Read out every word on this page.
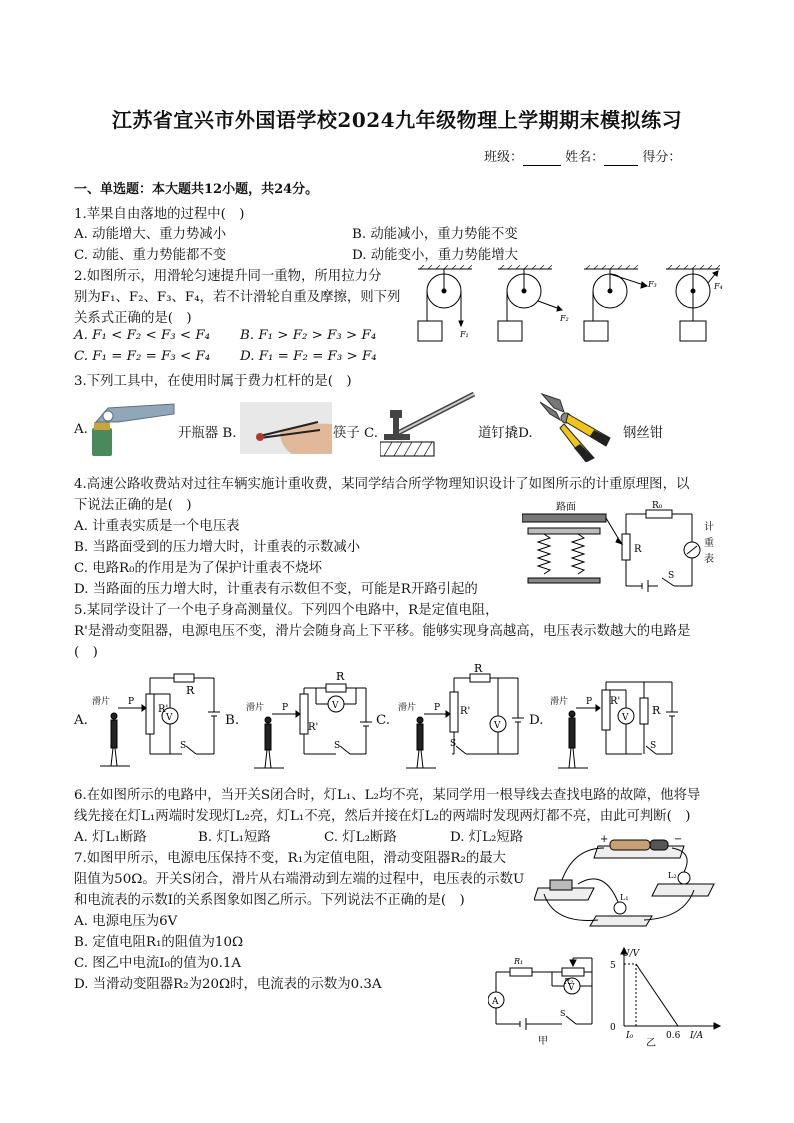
江苏省宜兴市外国语学校2024九年级物理上学期期末模拟练习
班级：	姓名：	得分：
一、单选题：本大题共12小题，共24分。
1.苹果自由落地的过程中(　)
A. 动能增大、重力势减小	B. 动能减小，重力势能不变
C. 动能、重力势能都不变	D. 动能变小，重力势能增大
2.如图所示，用滑轮匀速提升同一重物，所用拉力分
别为F₁、F₂、F₃、F₄，若不计滑轮自重及摩擦，则下列
关系式正确的是(　)
A. F₁ < F₂ < F₃ < F₄ B. F₁ > F₂ > F₃ > F₄
C. F₁ = F₂ = F₃ < F₄ D. F₁ = F₂ = F₃ > F₄
F₁
F₂
F₃	F₄
3.下列工具中，在使用时属于费力杠杆的是(　)
A.	开瓶器 B.	筷子 C.	道钉撬D.	钢丝钳
4.高速公路收费站对过往车辆实施计重收费，某同学结合所学物理知识设计了如图所示的计重原理图，以
下说法正确的是(　)
A. 计重表实质是一个电压表
B. 当路面受到的压力增大时，计重表的示数减小
C. 电路R₀的作用是为了保护计重表不烧坏
D. 当路面的压力增大时，计重表有示数但不变，可能是R开路引起的
路面	R₀
R
S
计
重
表
5.某同学设计了一个电子身高测量仪。下列四个电路中，R是定值电阻，
R'是滑动变阻器，电源电压不变，滑片会随身高上下平移。能够实现身高越高，电压表示数越大的电路是
(　)
A.	B.	C.	D.
滑片 P
R'
R
V
S
滑片 P
R
R'
V
S
滑片 P
R
R'
V
S
滑片 P R'
R
V
S
6.在如图所示的电路中，当开关S闭合时，灯L₁、L₂均不亮，某同学用一根导线去查找电路的故障，他将导
线先接在灯L₁两端时发现灯L₂亮，灯L₁不亮，然后并接在灯L₂的两端时发现两灯都不亮，由此可判断(　)
A. 灯L₁断路	B. 灯L₁短路	C. 灯L₂断路	D. 灯L₂短路	+	−
L₂
L₁
7.如图甲所示，电源电压保持不变，R₁为定值电阻，滑动变阻器R₂的最大
阻值为50Ω。开关S闭合，滑片从右端滑动到左端的过程中，电压表的示数U
和电流表的示数I的关系图象如图乙所示。下列说法不正确的是(　)
A. 电源电压为6V
B. 定值电阻R₁的阻值为10Ω
C. 图乙中电流I₀的值为0.1A
D. 当滑动变阻器R₂为20Ω时，电流表的示数为0.3A
R₁
R₂
A
V
S
甲
U/V
5
0
I₀	0.6 I/A
乙
